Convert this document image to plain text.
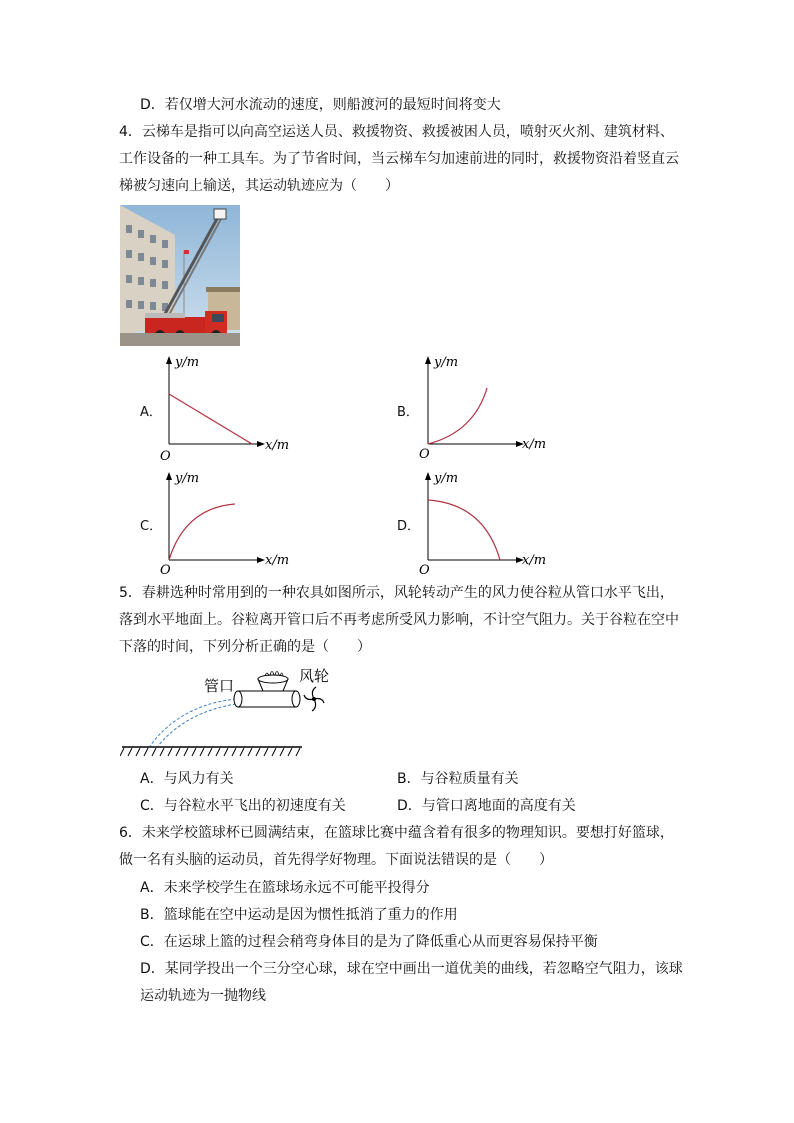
D．若仅增大河水流动的速度，则船渡河的最短时间将变大
4．云梯车是指可以向高空运送人员、救援物资、救援被困人员，喷射灭火剂、建筑材料、
工作设备的一种工具车。为了节省时间，当云梯车匀加速前进的同时，救援物资沿着竖直云
梯被匀速向上输送，其运动轨迹应为（　　）
A．
y/m
x/m
O
B．
y/m
x/m
O
C．
y/m
x/m
O
D．
y/m
x/m
O
5．春耕选种时常用到的一种农具如图所示，风轮转动产生的风力使谷粒从管口水平飞出，
落到水平地面上。谷粒离开管口后不再考虑所受风力影响，不计空气阻力。关于谷粒在空中
下落的时间，下列分析正确的是（　　）
管口
风轮
A．与风力有关	B．与谷粒质量有关
C．与谷粒水平飞出的初速度有关	D．与管口离地面的高度有关
6．未来学校篮球杯已圆满结束，在篮球比赛中蕴含着有很多的物理知识。要想打好篮球，
做一名有头脑的运动员，首先得学好物理。下面说法错误的是（　　）
A．未来学校学生在篮球场永远不可能平投得分
B．篮球能在空中运动是因为惯性抵消了重力的作用
C．在运球上篮的过程会稍弯身体目的是为了降低重心从而更容易保持平衡
D．某同学投出一个三分空心球，球在空中画出一道优美的曲线，若忽略空气阻力，该球
运动轨迹为一抛物线
